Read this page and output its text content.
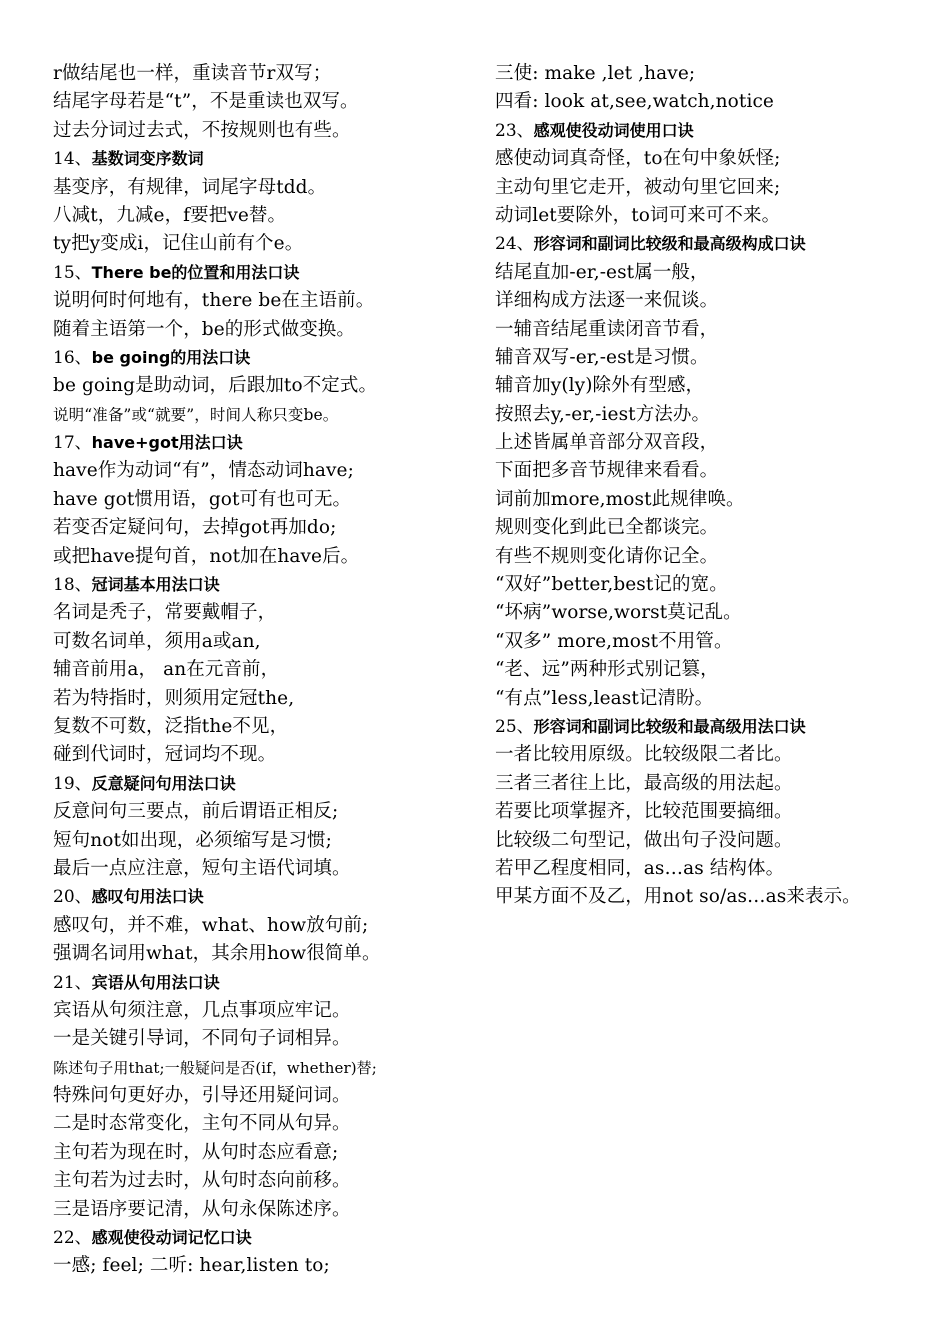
r做结尾也一样，重读音节r双写；
结尾字母若是“t”，不是重读也双写。
过去分词过去式，不按规则也有些。
14、基数词变序数词
基变序，有规律，词尾字母tdd。
八减t，九减e，f要把ve替。
ty把y变成i，记住山前有个e。
15、There be的位置和用法口诀
说明何时何地有，there be在主语前。
随着主语第一个，be的形式做变换。
16、be going的用法口诀
be going是助动词，后跟加to不定式。
说明“准备”或“就要”，时间人称只变be。
17、have+got用法口诀
have作为动词“有”，情态动词have;
have got惯用语，got可有也可无。
若变否定疑问句，去掉got再加do;
或把have提句首，not加在have后。
18、冠词基本用法口诀
名词是秃子，常要戴帽子，
可数名词单，须用a或an,
辅音前用a， an在元音前，
若为特指时，则须用定冠the,
复数不可数，泛指the不见，
碰到代词时，冠词均不现。
19、反意疑问句用法口诀
反意问句三要点，前后谓语正相反;
短句not如出现，必须缩写是习惯;
最后一点应注意，短句主语代词填。
20、感叹句用法口诀
感叹句，并不难，what、how放句前;
强调名词用what，其余用how很简单。
21、宾语从句用法口诀
宾语从句须注意，几点事项应牢记。
一是关键引导词，不同句子词相异。
陈述句子用that;一般疑问是否(if，whether)替;
特殊问句更好办，引导还用疑问词。
二是时态常变化，主句不同从句异。
主句若为现在时，从句时态应看意;
主句若为过去时，从句时态向前移。
三是语序要记清，从句永保陈述序。
22、感观使役动词记忆口诀
一感; feel; 二听: hear,listen to;
三使: make ,let ,have;
四看: look at,see,watch,notice
23、感观使役动词使用口诀
感使动词真奇怪，to在句中象妖怪;
主动句里它走开，被动句里它回来;
动词let要除外，to词可来可不来。
24、形容词和副词比较级和最高级构成口诀
结尾直加-er,-est属一般，
详细构成方法逐一来侃谈。
一辅音结尾重读闭音节看，
辅音双写-er,-est是习惯。
辅音加y(ly)除外有型感，
按照去y,-er,-iest方法办。
上述皆属单音部分双音段，
下面把多音节规律来看看。
词前加more,most此规律唤。
规则变化到此已全都谈完。
有些不规则变化请你记全。
“双好”better,best记的宽。
“坏病”worse,worst莫记乱。
“双多” more,most不用管。
“老、远”两种形式别记篡，
“有点”less,least记清盼。
25、形容词和副词比较级和最高级用法口诀
一者比较用原级。比较级限二者比。
三者三者往上比，最高级的用法起。
若要比项掌握齐，比较范围要搞细。
比较级二句型记，做出句子没问题。
若甲乙程度相同，as…as 结构体。
甲某方面不及乙，用not so/as…as来表示。
